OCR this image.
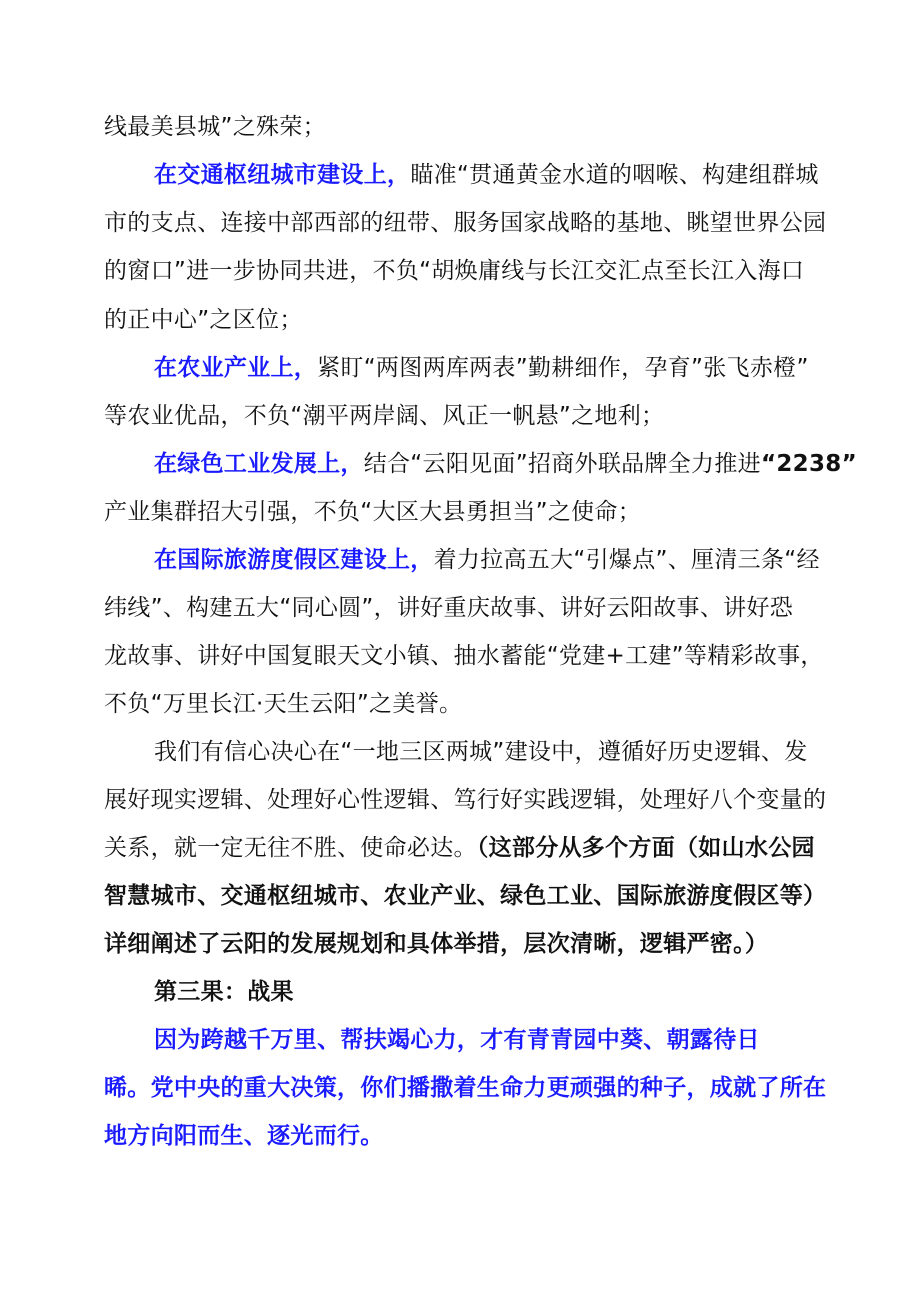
线最美县城”之殊荣；
在交通枢纽城市建设上，瞄准“贯通黄金水道的咽喉、构建组群城
市的支点、连接中部西部的纽带、服务国家战略的基地、眺望世界公园
的窗口”进一步协同共进，不负“胡焕庸线与长江交汇点至长江入海口
的正中心”之区位；
在农业产业上，紧盯“两图两库两表”勤耕细作，孕育”张飞赤橙”
等农业优品，不负“潮平两岸阔、风正一帆悬”之地利；
在绿色工业发展上，结合“云阳见面”招商外联品牌全力推进“2238”
产业集群招大引强，不负“大区大县勇担当”之使命；
在国际旅游度假区建设上，着力拉高五大“引爆点”、厘清三条“经
纬线”、构建五大“同心圆”，讲好重庆故事、讲好云阳故事、讲好恐
龙故事、讲好中国复眼天文小镇、抽水蓄能“党建+工建”等精彩故事，
不负“万里长江·天生云阳”之美誉。
我们有信心决心在“一地三区两城”建设中，遵循好历史逻辑、发
展好现实逻辑、处理好心性逻辑、笃行好实践逻辑，处理好八个变量的
关系，就一定无往不胜、使命必达。（这部分从多个方面（如山水公园
智慧城市、交通枢纽城市、农业产业、绿色工业、国际旅游度假区等）
详细阐述了云阳的发展规划和具体举措，层次清晰，逻辑严密。）
第三果：战果
因为跨越千万里、帮扶竭心力，才有青青园中葵、朝露待日
晞。党中央的重大决策，你们播撒着生命力更顽强的种子，成就了所在
地方向阳而生、逐光而行。
